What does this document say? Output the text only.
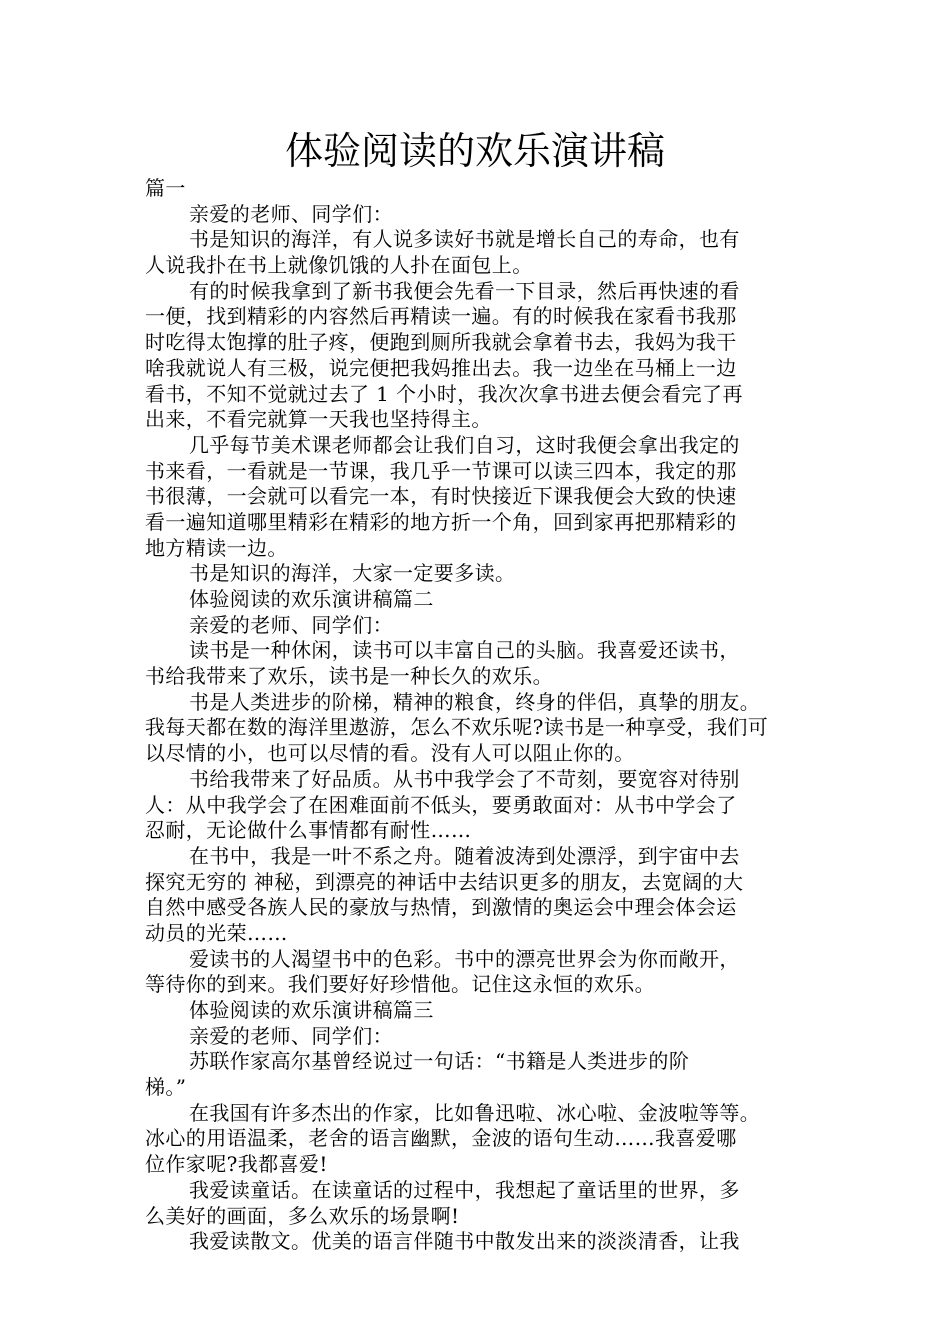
体验阅读的欢乐演讲稿

篇一

亲爱的老师、同学们：

书是知识的海洋，有人说多读好书就是增长自己的寿命，也有

人说我扑在书上就像饥饿的人扑在面包上。

有的时候我拿到了新书我便会先看一下目录，然后再快速的看

一便，找到精彩的内容然后再精读一遍。有的时候我在家看书我那

时吃得太饱撑的肚子疼，便跑到厕所我就会拿着书去，我妈为我干

啥我就说人有三极，说完便把我妈推出去。我一边坐在马桶上一边

看书，不知不觉就过去了 1 个小时，我次次拿书进去便会看完了再

出来，不看完就算一天我也坚持得主。

几乎每节美术课老师都会让我们自习，这时我便会拿出我定的

书来看，一看就是一节课，我几乎一节课可以读三四本，我定的那

书很薄，一会就可以看完一本，有时快接近下课我便会大致的快速

看一遍知道哪里精彩在精彩的地方折一个角，回到家再把那精彩的

地方精读一边。

书是知识的海洋，大家一定要多读。

体验阅读的欢乐演讲稿篇二

亲爱的老师、同学们：

读书是一种休闲，读书可以丰富自己的头脑。我喜爱还读书，

书给我带来了欢乐，读书是一种长久的欢乐。

书是人类进步的阶梯，精神的粮食，终身的伴侣，真挚的朋友。

我每天都在数的海洋里遨游，怎么不欢乐呢?读书是一种享受，我们可

以尽情的小，也可以尽情的看。没有人可以阻止你的。

书给我带来了好品质。从书中我学会了不苛刻，要宽容对待别

人：从中我学会了在困难面前不低头，要勇敢面对：从书中学会了

忍耐，无论做什么事情都有耐性……

在书中，我是一叶不系之舟。随着波涛到处漂浮，到宇宙中去

探究无穷的 神秘，到漂亮的神话中去结识更多的朋友，去宽阔的大

自然中感受各族人民的豪放与热情，到激情的奥运会中理会体会运

动员的光荣……

爱读书的人渴望书中的色彩。书中的漂亮世界会为你而敞开，

等待你的到来。我们要好好珍惜他。记住这永恒的欢乐。

体验阅读的欢乐演讲稿篇三

亲爱的老师、同学们：

苏联作家高尔基曾经说过一句话：“书籍是人类进步的阶

梯。”

在我国有许多杰出的作家，比如鲁迅啦、冰心啦、金波啦等等。

冰心的用语温柔，老舍的语言幽默，金波的语句生动……我喜爱哪

位作家呢?我都喜爱!

我爱读童话。在读童话的过程中，我想起了童话里的世界，多

么美好的画面，多么欢乐的场景啊!

我爱读散文。优美的语言伴随书中散发出来的淡淡清香，让我
